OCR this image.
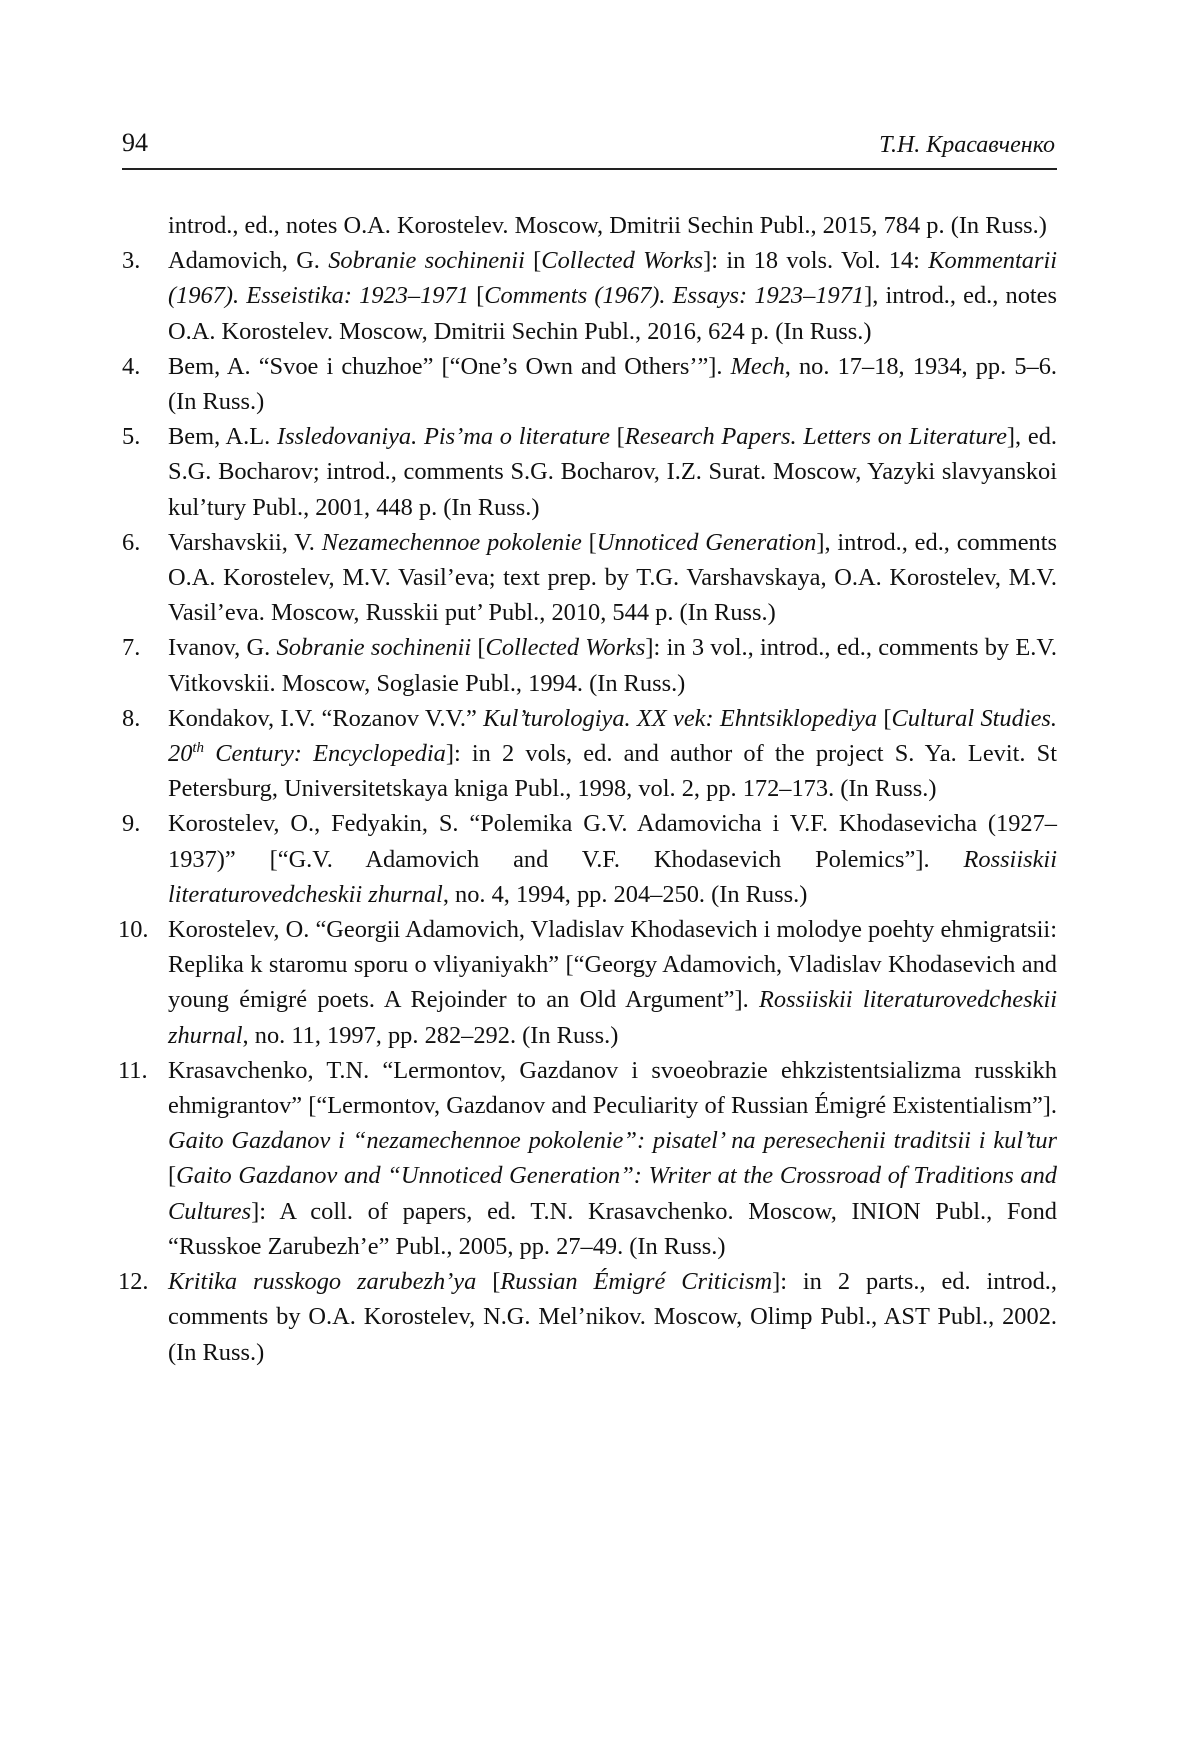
94	Т.Н. Красавченко
introd., ed., notes O.A. Korostelev. Moscow, Dmitrii Sechin Publ., 2015, 784 p. (In Russ.)
3.	Adamovich, G. Sobranie sochinenii [Collected Works]: in 18 vols. Vol. 14: Kommentarii (1967). Esseistika: 1923–1971 [Comments (1967). Essays: 1923–1971], introd., ed., notes O.A. Korostelev. Moscow, Dmitrii Sechin Publ., 2016, 624 p. (In Russ.)
4.	Bem, A. “Svoe i chuzhoe” [“One’s Own and Others’”]. Mech, no. 17–18, 1934, pp. 5–6. (In Russ.)
5.	Bem, A.L. Issledovaniya. Pis’ma o literature [Research Papers. Letters on Literature], ed. S.G. Bocharov; introd., comments S.G. Bocharov, I.Z. Surat. Moscow, Yazyki slavyanskoi kul’tury Publ., 2001, 448 p. (In Russ.)
6.	Varshavskii, V. Nezamechennoe pokolenie [Unnoticed Generation], introd., ed., comments O.A. Korostelev, M.V. Vasil’eva; text prep. by T.G. Varshavskaya, O.A. Korostelev, M.V. Vasil’eva. Moscow, Russkii put’ Publ., 2010, 544 p. (In Russ.)
7.	Ivanov, G. Sobranie sochinenii [Collected Works]: in 3 vol., introd., ed., comments by E.V. Vitkovskii. Moscow, Soglasie Publ., 1994. (In Russ.)
8.	Kondakov, I.V. “Rozanov V.V.” Kul’turologiya. XX vek: Ehntsiklopediya [Cultural Studies. 20th Century: Encyclopedia]: in 2 vols, ed. and author of the project S. Ya. Levit. St Petersburg, Universitetskaya kniga Publ., 1998, vol. 2, pp. 172–173. (In Russ.)
9.	Korostelev, O., Fedyakin, S. “Polemika G.V. Adamovicha i V.F. Khodasevicha (1927–1937)” [“G.V. Adamovich and V.F. Khodasevich Polemics”]. Rossiiskii literaturovedcheskii zhurnal, no. 4, 1994, pp. 204–250. (In Russ.)
10. Korostelev, O. “Georgii Adamovich, Vladislav Khodasevich i molodye poehty ehmigratsii: Replika k staromu sporu o vliyaniyakh” [“Georgy Adamovich, Vladislav Khodasevich and young émigré poets. A Rejoinder to an Old Argument”]. Rossiiskii literaturovedcheskii zhurnal, no. 11, 1997, pp. 282–292. (In Russ.)
11. Krasavchenko, T.N. “Lermontov, Gazdanov i svoeobrazie ehkzistentsializma russkikh ehmigrantov” [“Lermontov, Gazdanov and Peculiarity of Russian Émigré Existentialism”]. Gaito Gazdanov i “nezamechennoe pokolenie”: pisatel’ na peresechenii traditsii i kul’tur [Gaito Gazdanov and “Unnoticed Generation”: Writer at the Crossroad of Traditions and Cultures]: A coll. of papers, ed. T.N. Krasavchenko. Moscow, INION Publ., Fond “Russkoe Zarubezh’e” Publ., 2005, pp. 27–49. (In Russ.)
12. Kritika russkogo zarubezh’ya [Russian Émigré Criticism]: in 2 parts., ed. introd., comments by O.A. Korostelev, N.G. Mel’nikov. Moscow, Olimp Publ., AST Publ., 2002. (In Russ.)
